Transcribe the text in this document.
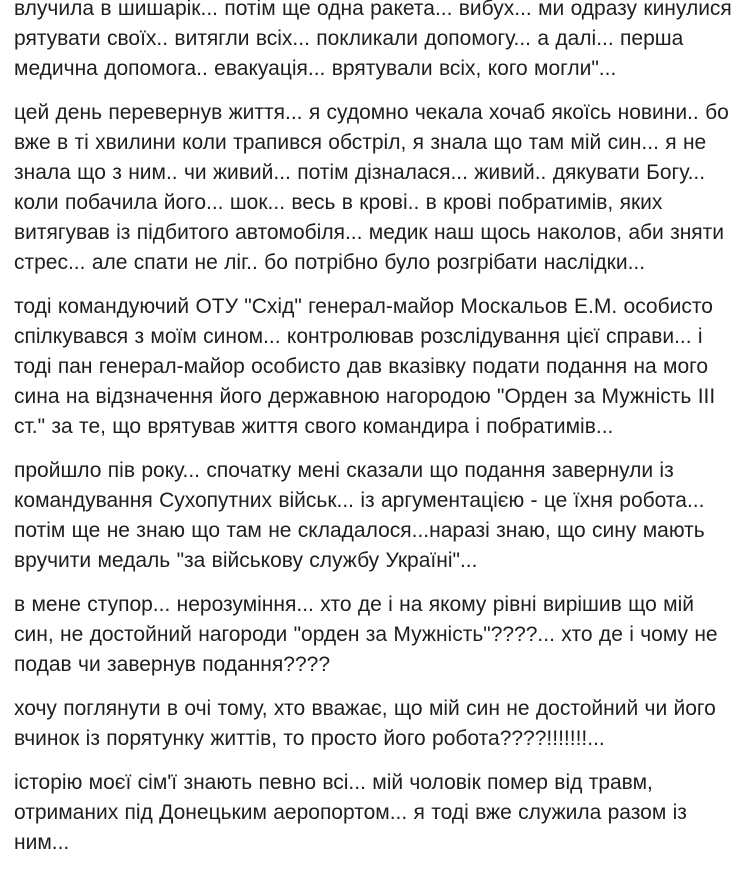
влучила в шишарік... потім ще одна ракета... вибух... ми одразу кинулися
рятувати своїх.. витягли всіх... покликали допомогу... а далі... перша
медична допомога.. евакуація... врятували всіх, кого могли"...

цей день перевернув життя... я судомно чекала хочаб якоїсь новини.. бо
вже в ті хвилини коли трапився обстріл, я знала що там мій син... я не
знала що з ним.. чи живий... потім дізналася... живий.. дякувати Богу...
коли побачила його... шок... весь в крові.. в крові побратимів, яких
витягував із підбитого автомобіля... медик наш щось наколов, аби зняти
стрес... але спати не ліг.. бо потрібно було розгрібати наслідки...

тоді командуючий ОТУ "Схід" генерал-майор Москальов Е.М. особисто
спілкувався з моїм сином... контролював розслідування цієї справи... і
тоді пан генерал-майор особисто дав вказівку подати подання на мого
сина на відзначення його державною нагородою "Орден за Мужність ІІІ
ст." за те, що врятував життя свого командира і побратимів...

пройшло пів року... спочатку мені сказали що подання завернули із
командування Сухопутних військ... із аргументацією - це їхня робота...
потім ще не знаю що там не складалося...наразі знаю, що сину мають
вручити медаль "за військову службу Україні"...

в мене ступор... нерозуміння... хто де і на якому рівні вирішив що мій
син, не достойний нагороди "орден за Мужність"????... хто де і чому не
подав чи завернув подання????

хочу поглянути в очі тому, хто вважає, що мій син не достойний чи його
вчинок із порятунку життів, то просто його робота????!!!!!!!...

історію моєї сім'ї знають певно всі... мій чоловік помер від травм,
отриманих під Донецьким аеропортом... я тоді вже служила разом із
ним...
